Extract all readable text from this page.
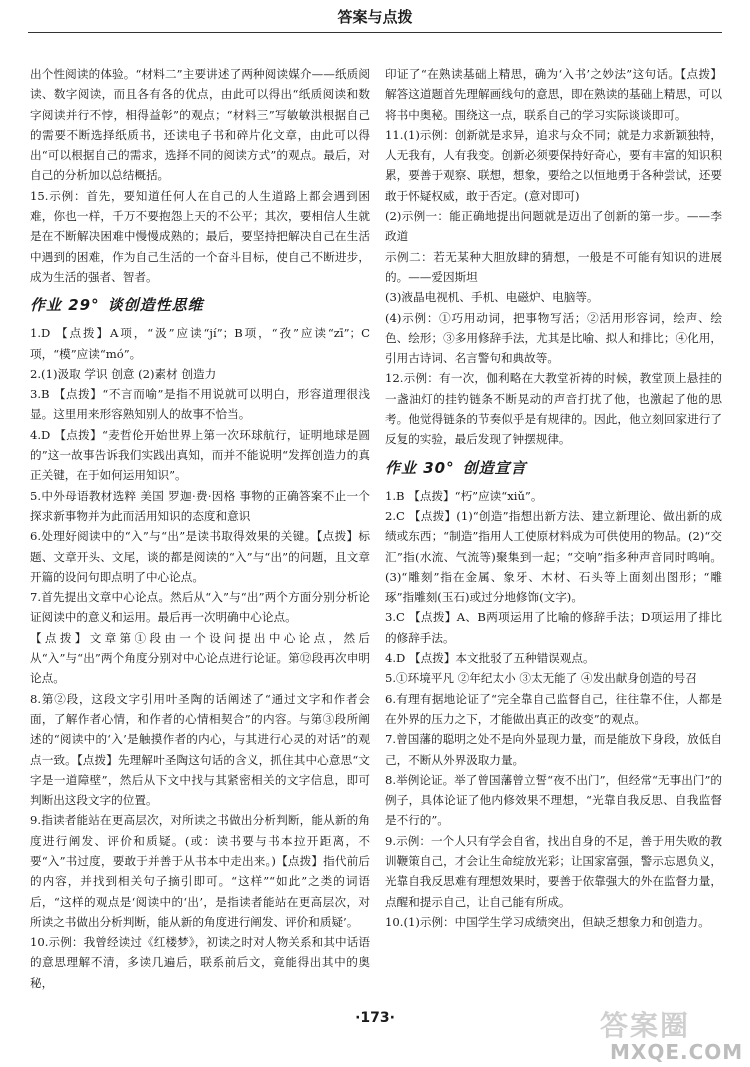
答案与点拨

出个性阅读的体验。“材料二”主要讲述了两种阅读媒介——纸质阅读、数字阅读，而且各有各的优点，由此可以得出“纸质阅读和数字阅读并行不悖，相得益彰”的观点；“材料三”写敏敏洪根据自己的需要不断选择纸质书，还读电子书和碎片化文章，由此可以得出“可以根据自己的需求，选择不同的阅读方式”的观点。最后，对自己的分析加以总结概括。

15.示例：首先，要知道任何人在自己的人生道路上都会遇到困难，你也一样，千万不要抱怨上天的不公平；其次，要相信人生就是在不断解决困难中慢慢成熟的；最后，要坚持把解决自己在生活中遇到的困难，作为自己生活的一个奋斗目标，使自己不断进步，成为生活的强者、智者。

作业 29° 谈创造性思维

1.D 【点拨】A项，“汲”应读“jí”；B项，“孜”应读“zī”；C项，“模”应读“mó”。

2.(1)汲取 学识 创意 (2)素材 创造力

3.B 【点拨】“不言而喻”是指不用说就可以明白，形容道理很浅显。这里用来形容熟知别人的故事不恰当。

4.D 【点拨】“麦哲伦开始世界上第一次环球航行，证明地球是圆的”这一故事告诉我们实践出真知，而并不能说明“发挥创造力的真正关键，在于如何运用知识”。

5.中外母语教材选粹 美国 罗迦·费·因格 事物的正确答案不止一个 探求新事物并为此而活用知识的态度和意识

6.处理好阅读中的“入”与“出”是读书取得效果的关键。【点拨】标题、文章开头、文尾，谈的都是阅读的“入”与“出”的问题，且文章开篇的设问句即点明了中心论点。

7.首先提出文章中心论点。然后从“入”与“出”两个方面分别分析论证阅读中的意义和运用。最后再一次明确中心论点。

【点拨】文章第①段由一个设问提出中心论点，然后从“入”与“出”两个角度分别对中心论点进行论证。第⑫段再次申明论点。

8.第②段，这段文字引用叶圣陶的话阐述了“通过文字和作者会面，了解作者心情，和作者的心情相契合”的内容。与第③段所阐述的“阅读中的‘入’是触摸作者的内心，与其进行心灵的对话”的观点一致。【点拨】先理解叶圣陶这句话的含义，抓住其中心意思“文字是一道障壁”，然后从下文中找与其紧密相关的文字信息，即可判断出这段文字的位置。

9.指读者能站在更高层次，对所读之书做出分析判断，能从新的角度进行阐发、评价和质疑。(或：读书要与书本拉开距离，不要“入”书过度，要敢于并善于从书本中走出来。)【点拨】指代前后的内容，并找到相关句子摘引即可。“这样”“如此”之类的词语后，“这样的观点是‘阅读中的‘出’，是指读者能站在更高层次，对所读之书做出分析判断，能从新的角度进行阐发、评价和质疑’。

10.示例：我曾经读过《红楼梦》，初读之时对人物关系和其中话语的意思理解不清，多读几遍后，联系前后文，竟能得出其中的奥秘，

印证了“在熟读基础上精思，确为‘入书’之妙法”这句话。【点拨】解答这道题首先理解画线句的意思，即在熟读的基础上精思，可以将书中奥秘。围绕这一点，联系自己的学习实际谈谈即可。

11.(1)示例：创新就是求异，追求与众不同；就是力求新颖独特，人无我有，人有我变。创新必须要保持好奇心，要有丰富的知识积累，要善于观察、联想，想象，要给之以恒地勇于各种尝试，还要敢于怀疑权威，敢于否定。(意对即可)

(2)示例一：能正确地提出问题就是迈出了创新的第一步。——李政道

示例二：若无某种大胆放肆的猜想，一般是不可能有知识的进展的。——爱因斯坦

(3)液晶电视机、手机、电磁炉、电脑等。

(4)示例：①巧用动词，把事物写活；②活用形容词，绘声、绘色、绘形；③多用修辞手法，尤其是比喻、拟人和排比；④化用，引用古诗词、名言警句和典故等。

12.示例：有一次，伽利略在大教堂祈祷的时候，教堂顶上悬挂的一盏油灯的挂钓链条不断晃动的声音打扰了他，也激起了他的思考。他觉得链条的节奏似乎是有规律的。因此，他立刻回家进行了反复的实验，最后发现了钟摆规律。

作业 30° 创造宣言

1.B 【点拨】“朽”应读“xiǔ”。

2.C 【点拨】(1)“创造”指想出新方法、建立新理论、做出新的成绩或东西；“制造”指用人工使原材料成为可供使用的物品。(2)“交汇”指(水流、气流等)聚集到一起；“交响”指多种声音同时鸣响。(3)“雕刻”指在金属、象牙、木材、石头等上面刻出图形；“雕琢”指雕刻(玉石)或过分地修饰(文字)。

3.C 【点拨】A、B两项运用了比喻的修辞手法；D项运用了排比的修辞手法。

4.D 【点拨】本文批驳了五种错误观点。

5.①环境平凡 ②年纪太小 ③太无能了 ④发出献身创造的号召

6.有理有据地论证了“完全靠自己监督自己，往往靠不住，人都是在外界的压力之下，才能做出真正的改变”的观点。

7.曾国藩的聪明之处不是向外显现力量，而是能放下身段，放低自己，不断从外界汲取力量。

8.举例论证。举了曾国藩曾立誓“夜不出门”，但经常“无事出门”的例子，具体论证了他内修效果不理想，“光靠自我反思、自我监督是不行的”。

9.示例：一个人只有学会自省，找出自身的不足，善于用失败的教训鞭策自己，才会让生命绽放光彩；让国家富强，警示忘恩负义，光靠自我反思难有理想效果时，要善于依靠强大的外在监督力量，点醒和提示自己，让自己能有所成。

10.(1)示例：中国学生学习成绩突出，但缺乏想象力和创造力。

·173·	答案圈
MXQE.COM
